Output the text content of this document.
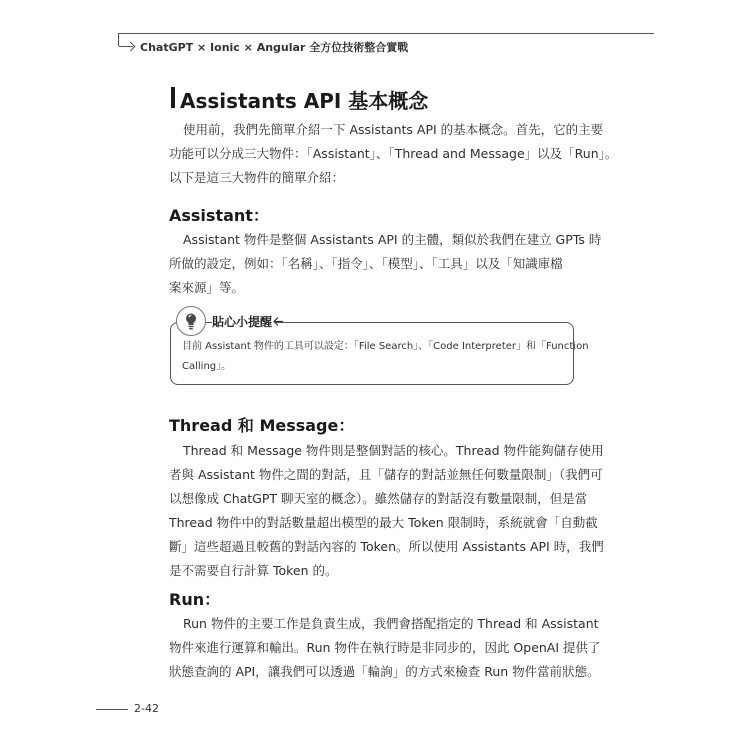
ChatGPT × Ionic × Angular 全方位技術整合實戰
Assistants API 基本概念
使用前，我們先簡單介紹一下 Assistants API 的基本概念。首先，它的主要
功能可以分成三大物件：「Assistant」、「Thread and Message」以及「Run」。
以下是這三大物件的簡單介紹：
Assistant：
Assistant 物件是整個 Assistants API 的主體，類似於我們在建立 GPTs 時
所做的設定，例如：「名稱」、「指令」、「模型」、「工具」以及「知識庫檔
案來源」等。
貼心小提醒
目前 Assistant 物件的工具可以設定：「File Search」、「Code Interpreter」和「Function
Calling」。
Thread 和 Message：
Thread 和 Message 物件則是整個對話的核心。Thread 物件能夠儲存使用
者與 Assistant 物件之間的對話，且「儲存的對話並無任何數量限制」（我們可
以想像成 ChatGPT 聊天室的概念）。雖然儲存的對話沒有數量限制，但是當
Thread 物件中的對話數量超出模型的最大 Token 限制時，系統就會「自動截
斷」這些超過且較舊的對話內容的 Token。所以使用 Assistants API 時，我們
是不需要自行計算 Token 的。
Run：
Run 物件的主要工作是負責生成，我們會搭配指定的 Thread 和 Assistant
物件來進行運算和輸出。Run 物件在執行時是非同步的，因此 OpenAI 提供了
狀態查詢的 API，讓我們可以透過「輪詢」的方式來檢查 Run 物件當前狀態。
2-42
